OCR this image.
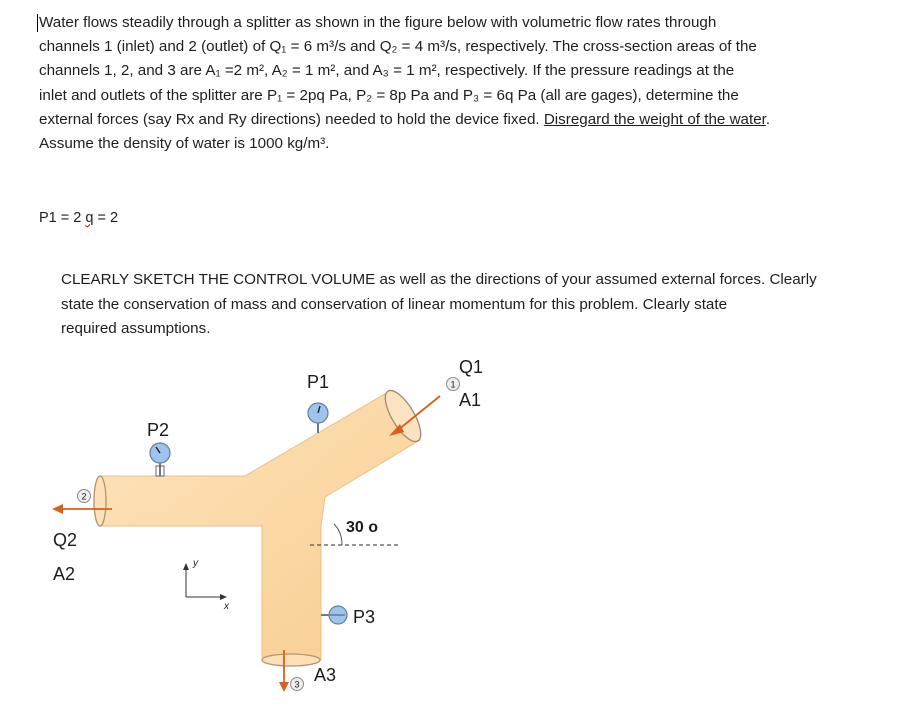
Water flows steadily through a splitter as shown in the figure below with volumetric flow rates through
channels 1 (inlet) and 2 (outlet) of Q₁ = 6 m³/s and Q₂ = 4 m³/s, respectively. The cross-section areas of the
channels 1, 2, and 3 are A₁ =2 m², A₂ = 1 m², and A₃ = 1 m², respectively. If the pressure readings at the
inlet and outlets of the splitter are P₁ = 2pq Pa, P₂ = 8p Pa and P₃ = 6q Pa (all are gages), determine the
external forces (say Rx and Ry directions) needed to hold the device fixed. Disregard the weight of the water.
Assume the density of water is 1000 kg/m³.
P1 = 2 q = 2
CLEARLY SKETCH THE CONTROL VOLUME as well as the directions of your assumed external forces. Clearly
state the conservation of mass and conservation of linear momentum for this problem. Clearly state
required assumptions.
1
2
3
y
x
P1
P2
P3
Q1
A1
Q2
A2
A3
30 o
